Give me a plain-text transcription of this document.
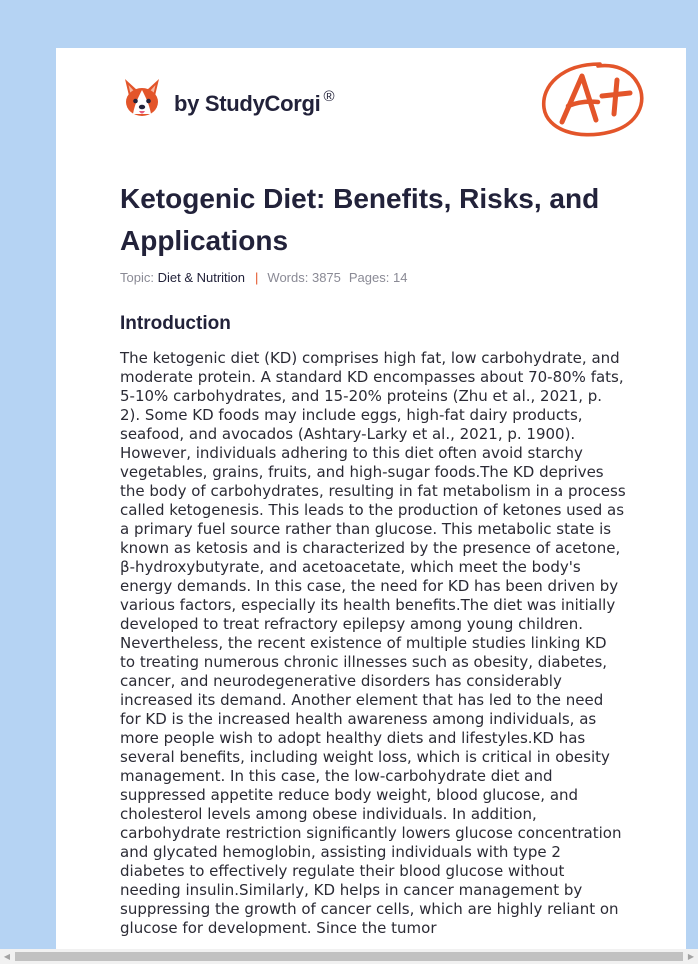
by StudyCorgi ®
Ketogenic Diet: Benefits, Risks, and Applications
Topic: Diet & Nutrition | Words: 3875 Pages: 14
Introduction

The ketogenic diet (KD) comprises high fat, low carbohydrate, and moderate protein. A standard KD encompasses about 70-80% fats, 5-10% carbohydrates, and 15-20% proteins (Zhu et al., 2021, p. 2). Some KD foods may include eggs, high-fat dairy products, seafood, and avocados (Ashtary-Larky et al., 2021, p. 1900). However, individuals adhering to this diet often avoid starchy vegetables, grains, fruits, and high-sugar foods.The KD deprives the body of carbohydrates, resulting in fat metabolism in a process called ketogenesis. This leads to the production of ketones used as a primary fuel source rather than glucose. This metabolic state is known as ketosis and is characterized by the presence of acetone, β-hydroxybutyrate, and acetoacetate, which meet the body's energy demands. In this case, the need for KD has been driven by various factors, especially its health benefits.The diet was initially developed to treat refractory epilepsy among young children. Nevertheless, the recent existence of multiple studies linking KD to treating numerous chronic illnesses such as obesity, diabetes, cancer, and neurodegenerative disorders has considerably increased its demand. Another element that has led to the need for KD is the increased health awareness among individuals, as more people wish to adopt healthy diets and lifestyles.KD has several benefits, including weight loss, which is critical in obesity management. In this case, the low-carbohydrate diet and suppressed appetite reduce body weight, blood glucose, and cholesterol levels among obese individuals. In addition, carbohydrate restriction significantly lowers glucose concentration and glycated hemoglobin, assisting individuals with type 2 diabetes to effectively regulate their blood glucose without needing insulin.Similarly, KD helps in cancer management by suppressing the growth of cancer cells, which are highly reliant on glucose for development. Since the tumor

◀	▶
